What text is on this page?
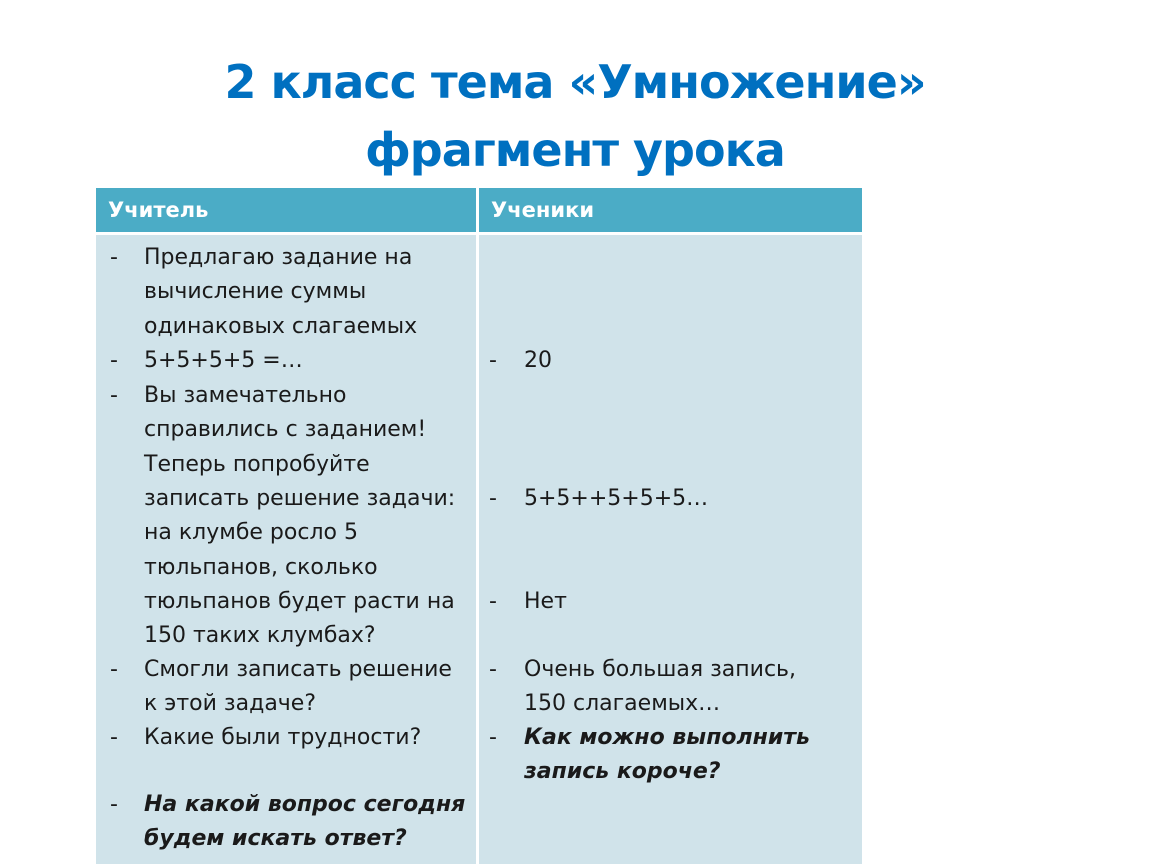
2 класс тема «Умножение»
фрагмент урока
Учитель	Ученики
- Предлагаю задание на
вычисление суммы
одинаковых слагаемых
- 5+5+5+5 =…
- Вы замечательно
справились с заданием!
Теперь попробуйте
записать решение задачи:
на клумбе росло 5
тюльпанов, сколько
тюльпанов будет расти на
150 таких клумбах?
- Смогли записать решение
к этой задаче?
- Какие были трудности?
- На какой вопрос сегодня
будем искать ответ?
- 20
- 5+5++5+5+5…
- Нет
- Очень большая запись,
150 слагаемых…
- Как можно выполнить
запись короче?
